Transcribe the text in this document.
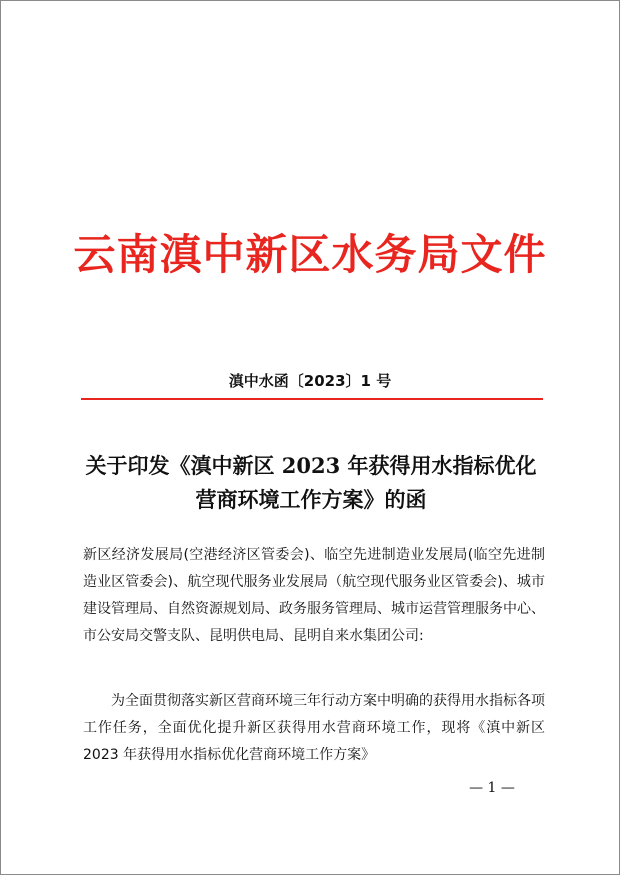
云南滇中新区水务局文件
滇中水函〔2023〕1 号
关于印发《滇中新区 2023 年获得用水指标优化
营商环境工作方案》的函
新区经济发展局(空港经济区管委会)、临空先进制造业发展局(临空先进制造业区管委会)、航空现代服务业发展局（航空现代服务业区管委会)、城市建设管理局、自然资源规划局、政务服务管理局、城市运营管理服务中心、市公安局交警支队、昆明供电局、昆明自来水集团公司:
为全面贯彻落实新区营商环境三年行动方案中明确的获得用水指标各项工作任务，全面优化提升新区获得用水营商环境工作，现将《滇中新区 2023 年获得用水指标优化营商环境工作方案》
— 1 —
